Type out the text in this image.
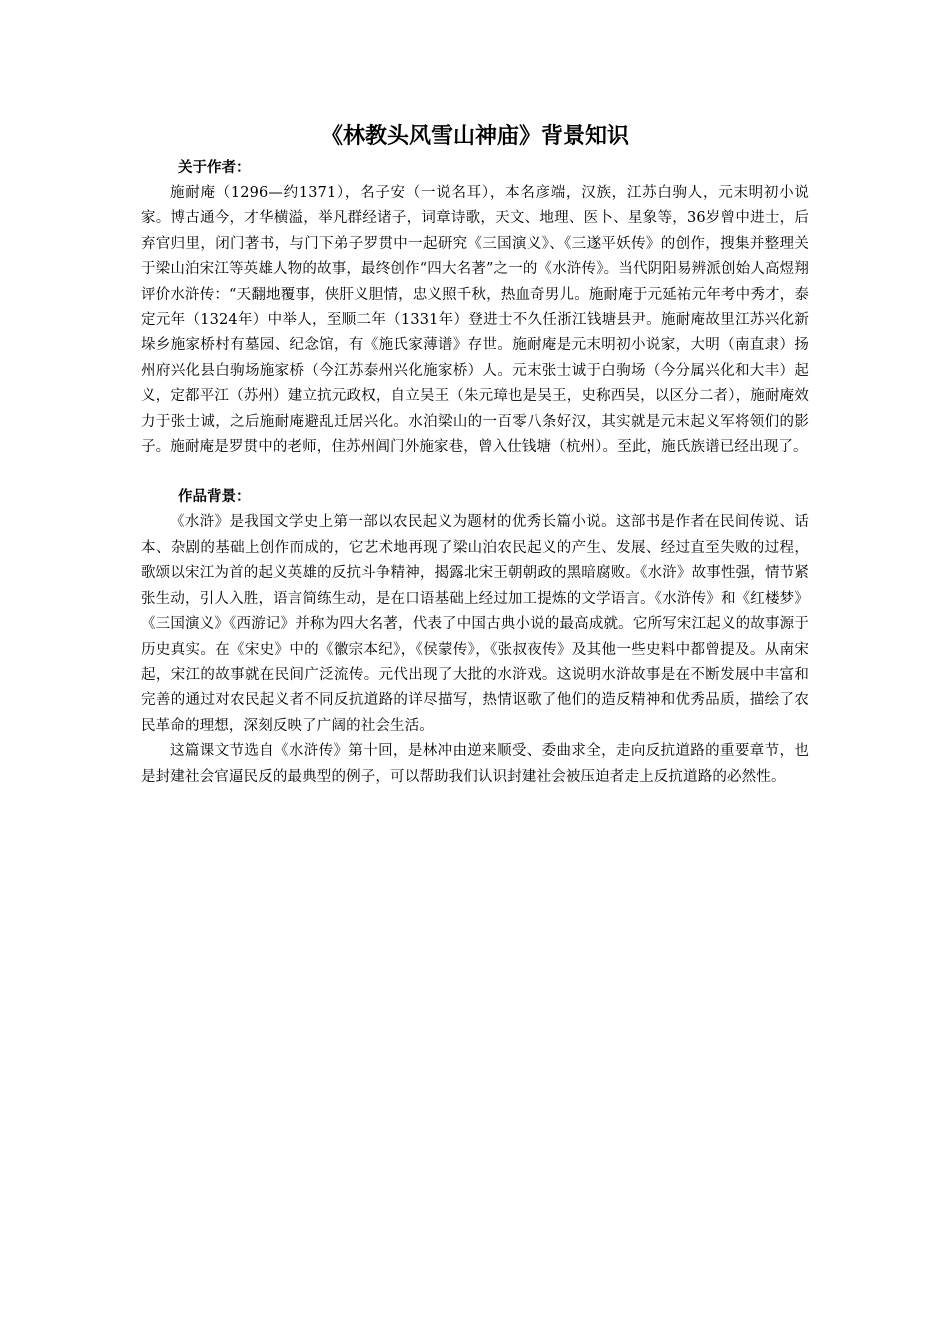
《林教头风雪山神庙》背景知识
关于作者：

施耐庵（1296—约1371），名子安（一说名耳），本名彦端，汉族，江苏白驹人，元末明初小说家。博古通今，才华横溢，举凡群经诸子，词章诗歌，天文、地理、医卜、星象等，36岁曾中进士，后弃官归里，闭门著书，与门下弟子罗贯中一起研究《三国演义》、《三遂平妖传》的创作，搜集并整理关于梁山泊宋江等英雄人物的故事，最终创作“四大名著”之一的《水浒传》。当代阴阳易辨派创始人高煜翔评价水浒传：“天翻地覆事，侠肝义胆情，忠义照千秋，热血奇男儿。施耐庵于元延祐元年考中秀才，泰定元年（1324年）中举人，至顺二年（1331年）登进士不久任浙江钱塘县尹。施耐庵故里江苏兴化新垛乡施家桥村有墓园、纪念馆，有《施氏家薄谱》存世。施耐庵是元末明初小说家，大明（南直隶）扬州府兴化县白驹场施家桥（今江苏泰州兴化施家桥）人。元末张士诚于白驹场（今分属兴化和大丰）起义，定都平江（苏州）建立抗元政权，自立吴王（朱元璋也是吴王，史称西吴，以区分二者），施耐庵效力于张士诚，之后施耐庵避乱迁居兴化。水泊梁山的一百零八条好汉，其实就是元末起义军将领们的影子。施耐庵是罗贯中的老师，住苏州阊门外施家巷，曾入仕钱塘（杭州）。至此，施氏族谱已经出现了。

作品背景：

《水浒》是我国文学史上第一部以农民起义为题材的优秀长篇小说。这部书是作者在民间传说、话本、杂剧的基础上创作而成的，它艺术地再现了梁山泊农民起义的产生、发展、经过直至失败的过程，歌颂以宋江为首的起义英雄的反抗斗争精神，揭露北宋王朝朝政的黑暗腐败。《水浒》故事性强，情节紧张生动，引人入胜，语言简练生动，是在口语基础上经过加工提炼的文学语言。《水浒传》和《红楼梦》《三国演义》《西游记》并称为四大名著，代表了中国古典小说的最高成就。它所写宋江起义的故事源于历史真实。在《宋史》中的《徽宗本纪》，《侯蒙传》，《张叔夜传》及其他一些史料中都曾提及。从南宋起，宋江的故事就在民间广泛流传。元代出现了大批的水浒戏。这说明水浒故事是在不断发展中丰富和完善的通过对农民起义者不同反抗道路的详尽描写，热情讴歌了他们的造反精神和优秀品质，描绘了农民革命的理想，深刻反映了广阔的社会生活。

这篇课文节选自《水浒传》第十回，是林冲由逆来顺受、委曲求全，走向反抗道路的重要章节，也是封建社会官逼民反的最典型的例子，可以帮助我们认识封建社会被压迫者走上反抗道路的必然性。
